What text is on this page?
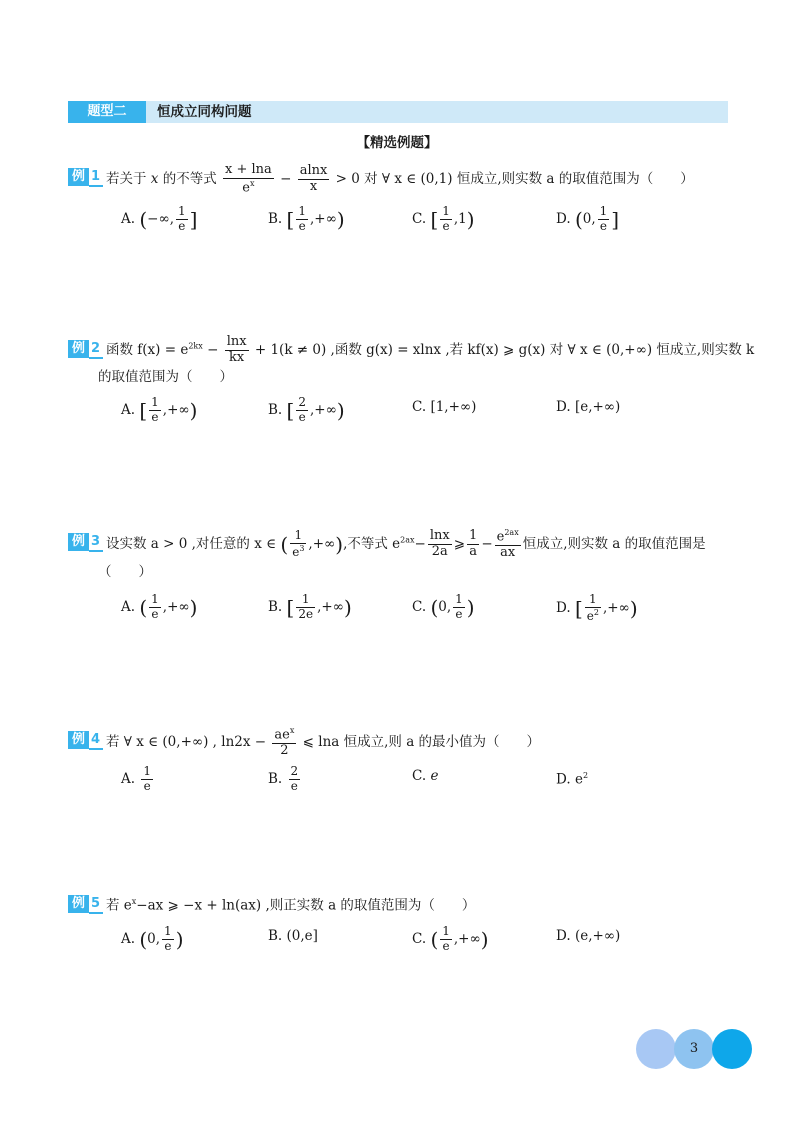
题型二	恒成立同构问题
【精选例题】
例 1 若关于 x 的不等式 $\frac{x + \ln a}{e^x} - \frac{alnx}{x} > 0$ 对 ∀ x ∈ (0,1) 恒成立,则实数 a 的取值范围为（　　）
A. (−∞, $\frac{1}{e}$ ]	B. [ $\frac{1}{e}$ ,+∞)	C. [ $\frac{1}{e} ,1$)	D. (0, $\frac{1}{e}$ ]
例 2 函数 $f(x) = e^{2kx} - \frac{\ln x}{kx} + 1(k \ne 0)$ ,函数 g(x) = xlnx ,若 kf(x) ⩾ g(x) 对 ∀ x ∈ (0,+∞) 恒成立,则实数 k
的取值范围为（　　）
A. [ $\frac{1}{e}$ ,+∞)	B. [ $\frac{2}{e}$ ,+∞)	C. [1,+∞)	D. [e,+∞)
例 3 设实数 a > 0 ,对任意的 x ∈ ( $\frac{1}{e^3}$ ,+∞),不等式 $e^{2ax}- \frac{\ln x}{2a}$ ⩾ $\frac{1}{a} - \frac{e^{2ax}}{ax}$ 恒成立,则实数 a 的取值范围是
（　　）
A. ( $\frac{1}{e}$ ,+∞)	B. [ $\frac{1}{2e}$ ,+∞)	C. (0, $\frac{1}{e}$ )	D. [ $\frac{1}{e^2}$ ,+∞)
例 4 若 ∀ x ∈ (0,+∞) , $\ln 2x - \frac{ae^x}{2}$ ⩽ lna 恒成立,则 a 的最小值为（　　）
A. $\frac{1}{e}$	B. $\frac{2}{e}$	C. e	D. $e^2$
例 5 若 $e^x-ax$ ⩾ −x + ln(ax) ,则正实数 a 的取值范围为（　　）
A. (0, $\frac{1}{e}$ )	B. (0,e]	C. ( $\frac{1}{e}$ ,+∞)	D. (e,+∞)
3
